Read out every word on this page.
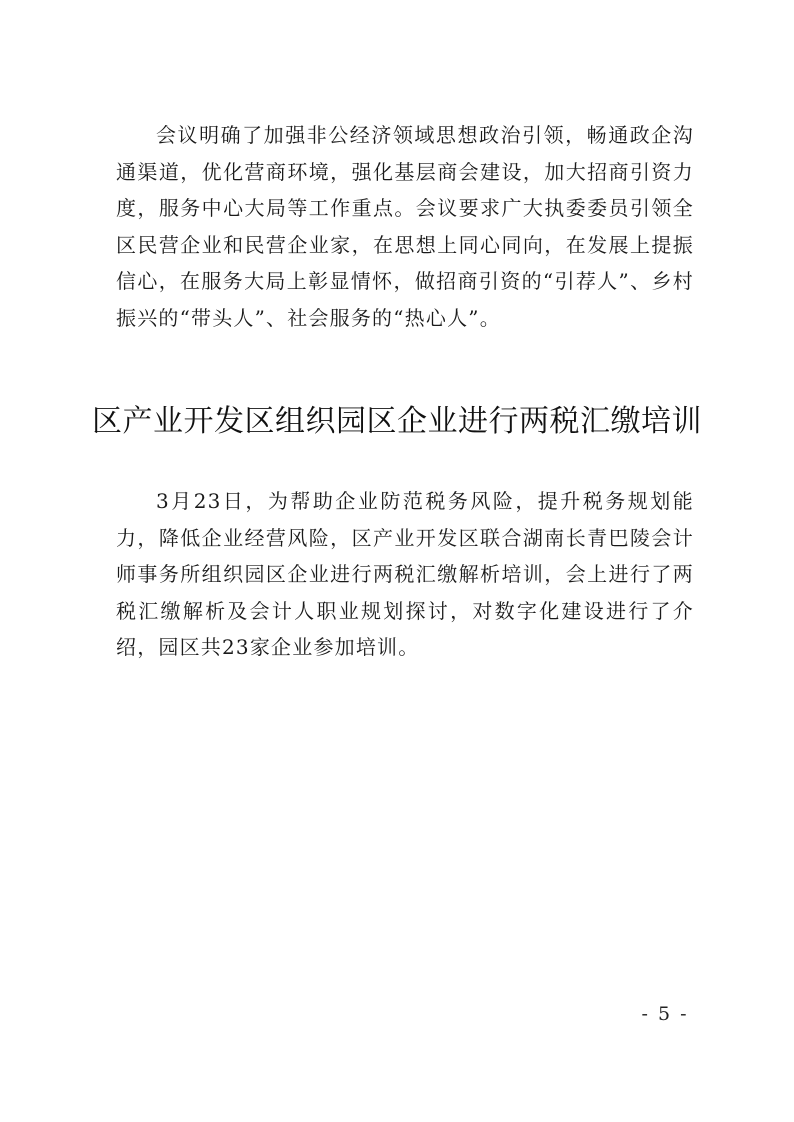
会议明确了加强非公经济领域思想政治引领，畅通政企沟通渠道，优化营商环境，强化基层商会建设，加大招商引资力度，服务中心大局等工作重点。会议要求广大执委委员引领全区民营企业和民营企业家，在思想上同心同向，在发展上提振信心，在服务大局上彰显情怀，做招商引资的“引荐人”、乡村振兴的“带头人”、社会服务的“热心人”。

区产业开发区组织园区企业进行两税汇缴培训

3月23日，为帮助企业防范税务风险，提升税务规划能力，降低企业经营风险，区产业开发区联合湖南长青巴陵会计师事务所组织园区企业进行两税汇缴解析培训，会上进行了两税汇缴解析及会计人职业规划探讨，对数字化建设进行了介绍，园区共23家企业参加培训。

- 5 -
